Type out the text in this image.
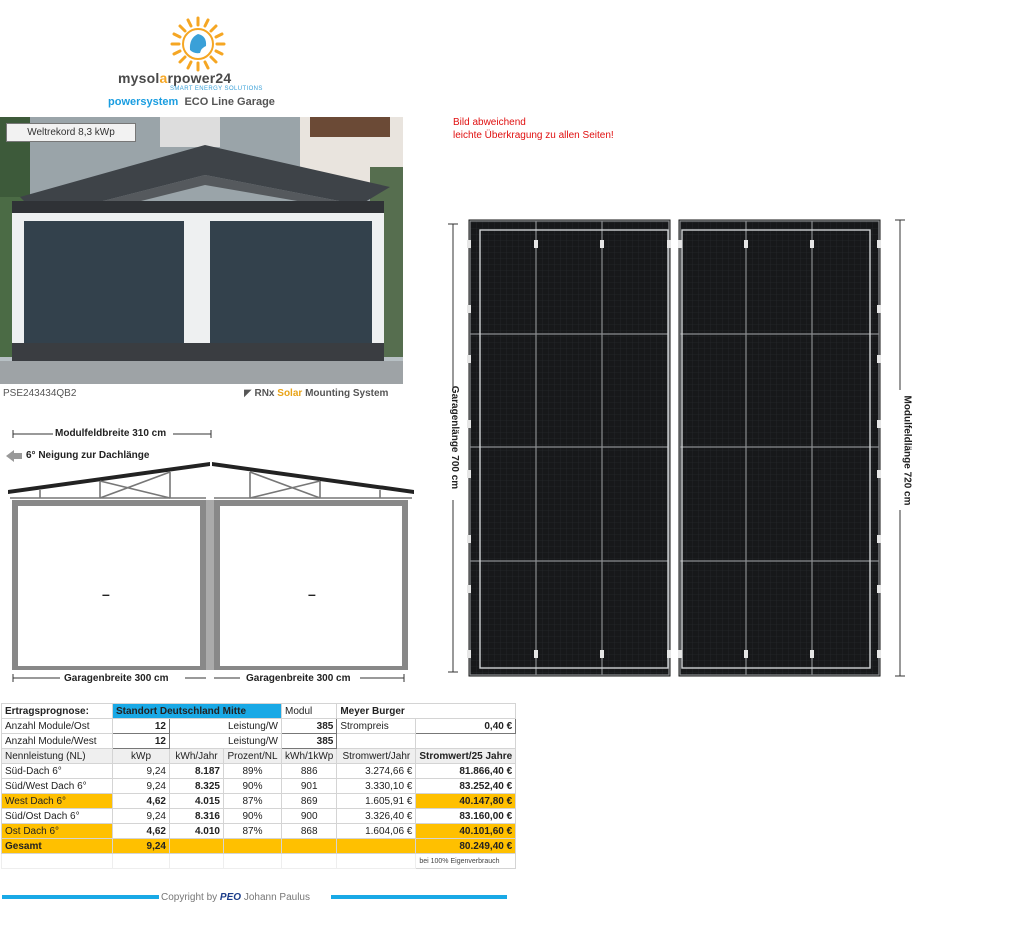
mysolarpower24
SMART ENERGY SOLUTIONS
powersystem ECO Line Garage
Weltrekord 8,3 kWp
PSE243434QB2	◤ RNx Solar Mounting System
Bild abweichend
leichte Überkragung zu allen Seiten!
Modulfeldbreite 310 cm
6° Neigung zur Dachlänge
–	–
Garagenbreite 300 cm	Garagenbreite 300 cm
Garagenlänge 700 cm	Modulfeldlänge 720 cm
Ertragsprognose:	Standort Deutschland Mitte			Modul	Meyer Burger	
Anzahl Module/Ost	12	Leistung/W		385	Strompreis	0,40 €
Anzahl Module/West	12	Leistung/W		385		
Nennleistung (NL)	kWp	kWh/Jahr	Prozent/NL	kWh/1kWp	Stromwert/Jahr	Stromwert/25 Jahre
Süd-Dach 6°	9,24	8.187	89%	886	3.274,66 €	81.866,40 €
Süd/West Dach 6°	9,24	8.325	90%	901	3.330,10 €	83.252,40 €
West Dach 6°	4,62	4.015	87%	869	1.605,91 €	40.147,80 €
Süd/Ost Dach 6°	9,24	8.316	90%	900	3.326,40 €	83.160,00 €
Ost Dach 6°	4,62	4.010	87%	868	1.604,06 €	40.101,60 €
Gesamt	9,24					80.249,40 €
						bei 100% Eigenverbrauch
Copyright by PEO Johann Paulus
